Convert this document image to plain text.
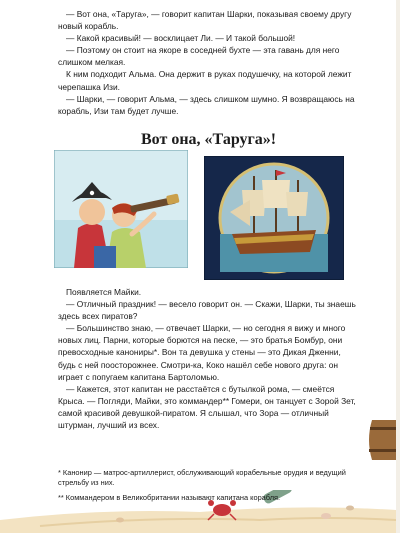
— Вот она, «Таруга», — говорит капитан Шарки, показывая своему другу новый корабль.

— Какой красивый! — восклицает Ли. — И такой большой!

— Поэтому он стоит на якоре в соседней бухте — эта гавань для него слишком мелкая.

К ним подходит Альма. Она держит в руках подушечку, на которой лежит черепашка Изи.

— Шарки, — говорит Альма, — здесь слишком шумно. Я возвращаюсь на корабль, Изи там будет лучше.

Вот она, «Таруга»!

Появляется Майки.

— Отличный праздник! — весело говорит он. — Скажи, Шарки, ты знаешь здесь всех пиратов?

— Большинство знаю, — отвечает Шарки, — но сегодня я вижу и много новых лиц. Парни, которые борются на песке, — это братья Бомбур, они превосходные канониры*. Вон та девушка у стены — это Дикая Дженни, будь с ней поосторожнее. Смотри-ка, Коко нашёл себе нового друга: он играет с попугаем капитана Бартоломью.

— Кажется, этот капитан не расстаётся с бутылкой рома, — смеётся Крыса. — Погляди, Майки, это коммандер** Гомери, он танцует с Зорой Зет, самой красивой девушкой-пиратом. Я слышал, что Зора — отличный штурман, лучший из всех.

* Канонир — матрос-артиллерист, обслуживающий корабельные орудия и ведущий стрельбу из них.

** Коммандером в Великобритании называют капитана корабля.
